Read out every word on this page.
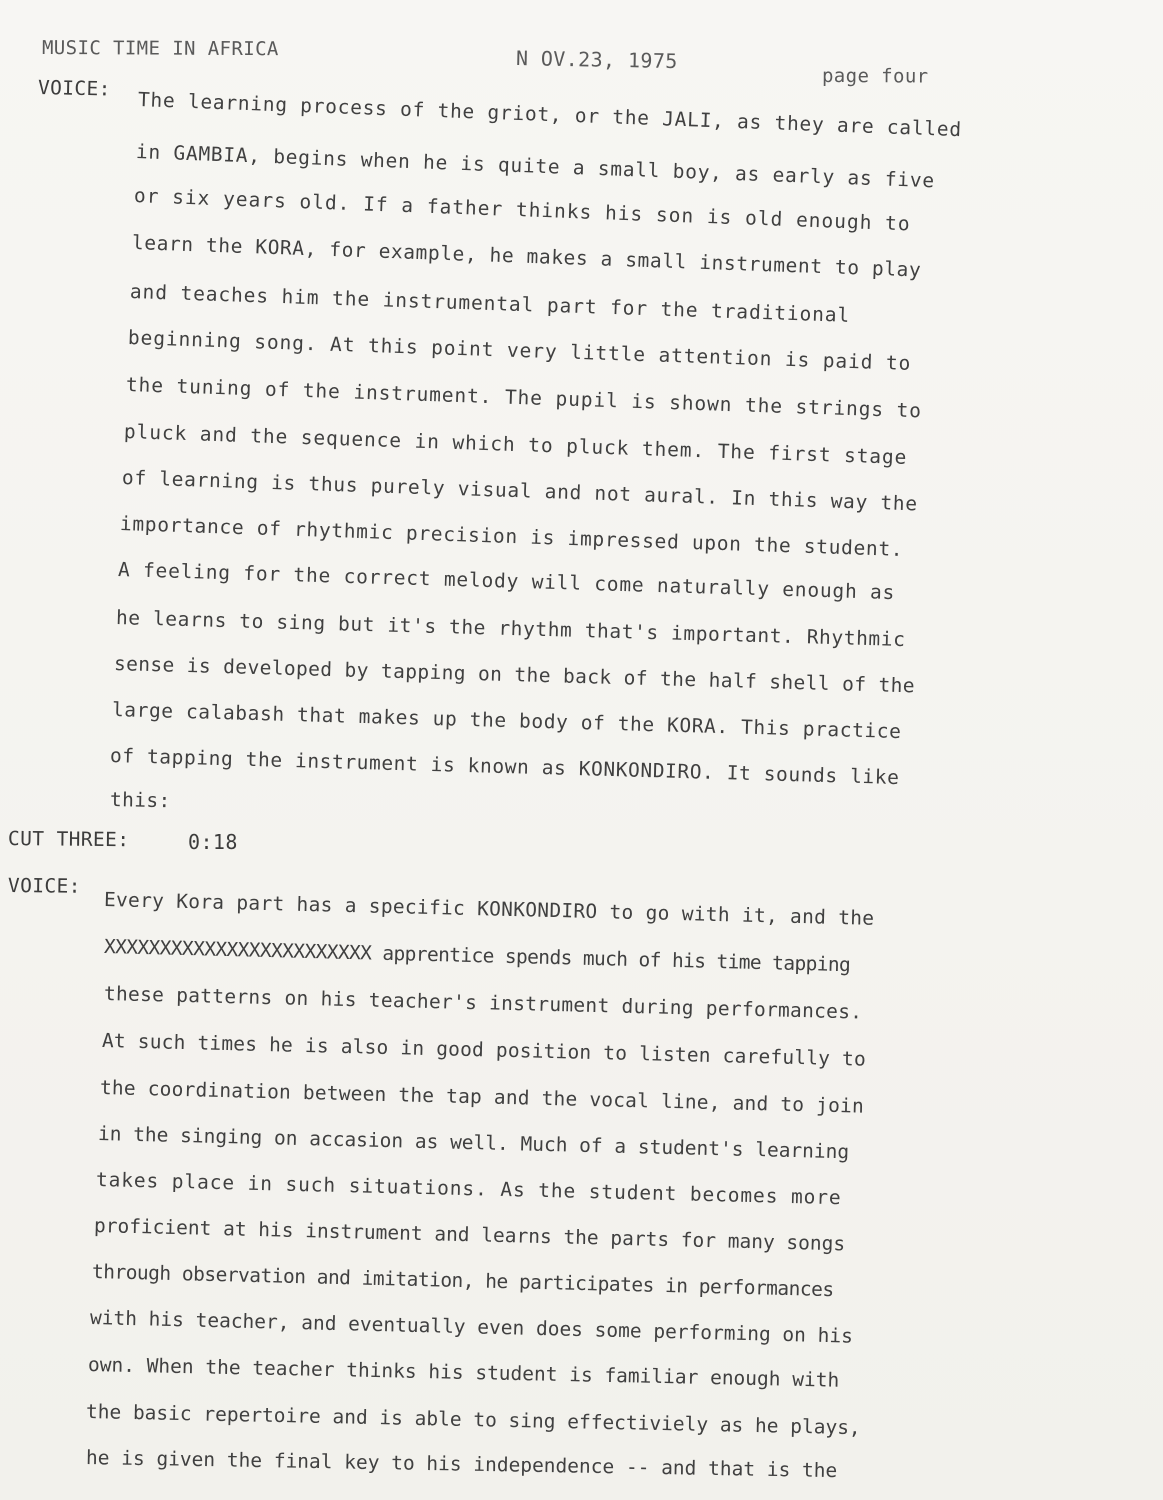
MUSIC TIME IN AFRICA	N OV.23, 1975
page four
VOICE: The learning process of the griot, or the JALI, as they are called
in GAMBIA, begins when he is quite a small boy, as early as five
or six years old. If a father thinks his son is old enough to
learn the KORA, for example, he makes a small instrument to play
and teaches him the instrumental part for the traditional
beginning song. At this point very little attention is paid to
the tuning of the instrument. The pupil is shown the strings to
pluck and the sequence in which to pluck them. The first stage
of learning is thus purely visual and not aural. In this way the
importance of rhythmic precision is impressed upon the student.
A feeling for the correct melody will come naturally enough as
he learns to sing but it's the rhythm that's important. Rhythmic
sense is developed by tapping on the back of the half shell of the
large calabash that makes up the body of the KORA. This practice
of tapping the instrument is known as KONKONDIRO. It sounds like
this:
CUT THREE:	0:18
VOICE:
Every Kora part has a specific KONKONDIRO to go with it, and the
XXXXXXXXXXXXXXXXXXXXXXXX apprentice spends much of his time tapping
these patterns on his teacher's instrument during performances.
At such times he is also in good position to listen carefully to
the coordination between the tap and the vocal line, and to join
in the singing on accasion as well. Much of a student's learning
takes place in such situations. As the student becomes more
proficient at his instrument and learns the parts for many songs
through observation and imitation, he participates in performances
with his teacher, and eventually even does some performing on his
own. When the teacher thinks his student is familiar enough with
the basic repertoire and is able to sing effectiviely as he plays,
he is given the final key to his independence -- and that is the
